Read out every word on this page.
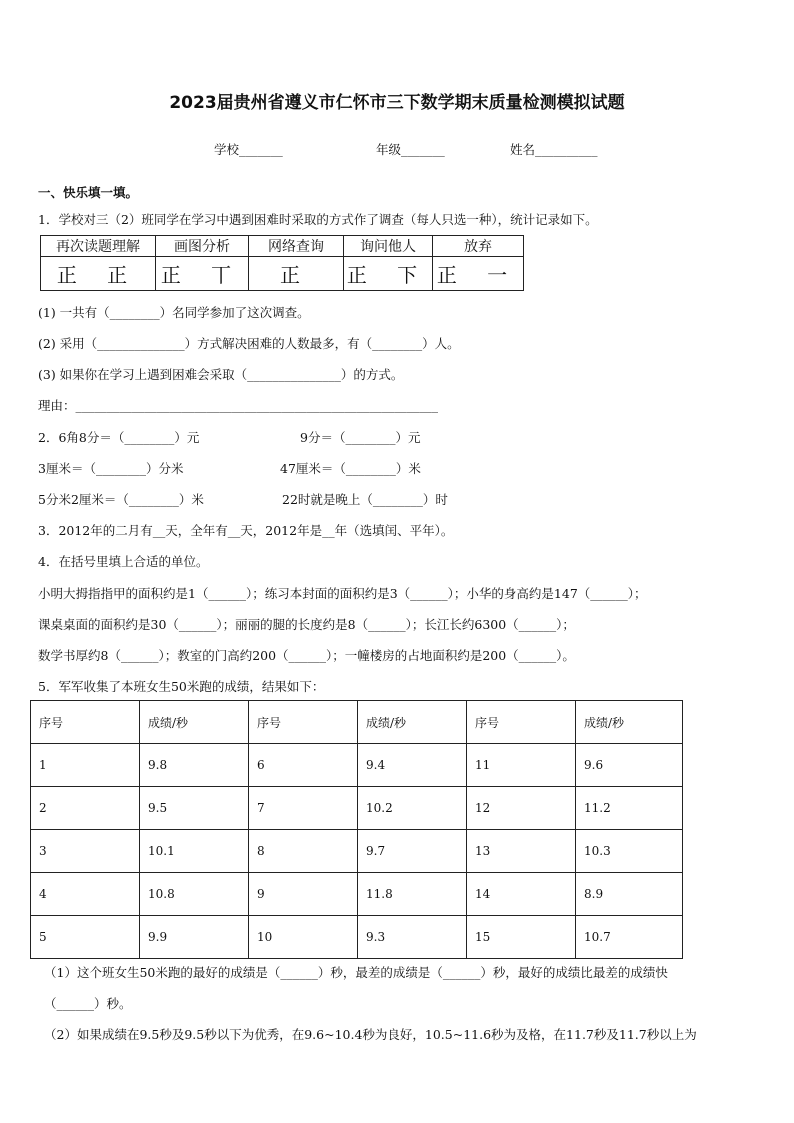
2023届贵州省遵义市仁怀市三下数学期末质量检测模拟试题
学校_______	年级_______	姓名__________
一、快乐填一填。
1．学校对三（2）班同学在学习中遇到困难时采取的方式作了调查（每人只选一种），统计记录如下。
再次读题理解	画图分析	网络查询	询问他人	放弃
正 正	正 丅	正	正 下	正 一
(1) 一共有（________）名同学参加了这次调查。
(2) 采用（______________）方式解决困难的人数最多，有（________）人。
(3) 如果你在学习上遇到困难会采取（_______________）的方式。
理由：__________________________________________________________
2．6角8分＝（________）元	9分＝（________）元
3厘米＝（________）分米	47厘米＝（________）米
5分米2厘米＝（________）米	22时就是晚上（________）时
3．2012年的二月有__天，全年有__天，2012年是__年（选填闰、平年）。
4．在括号里填上合适的单位。
小明大拇指指甲的面积约是1（______）；练习本封面的面积约是3（______）；小华的身高约是147（______）；
课桌桌面的面积约是30（______）；丽丽的腿的长度约是8（______）；长江长约6300（______）；
数学书厚约8（______）；教室的门高约200（______）；一幢楼房的占地面积约是200（______）。
5．军军收集了本班女生50米跑的成绩，结果如下：
序号	成绩/秒	序号	成绩/秒	序号	成绩/秒
1	9.8	6	9.4	11	9.6
2	9.5	7	10.2	12	11.2
3	10.1	8	9.7	13	10.3
4	10.8	9	11.8	14	8.9
5	9.9	10	9.3	15	10.7
（1）这个班女生50米跑的最好的成绩是（______）秒，最差的成绩是（______）秒，最好的成绩比最差的成绩快
（______）秒。
（2）如果成绩在9.5秒及9.5秒以下为优秀，在9.6~10.4秒为良好，10.5~11.6秒为及格，在11.7秒及11.7秒以上为
